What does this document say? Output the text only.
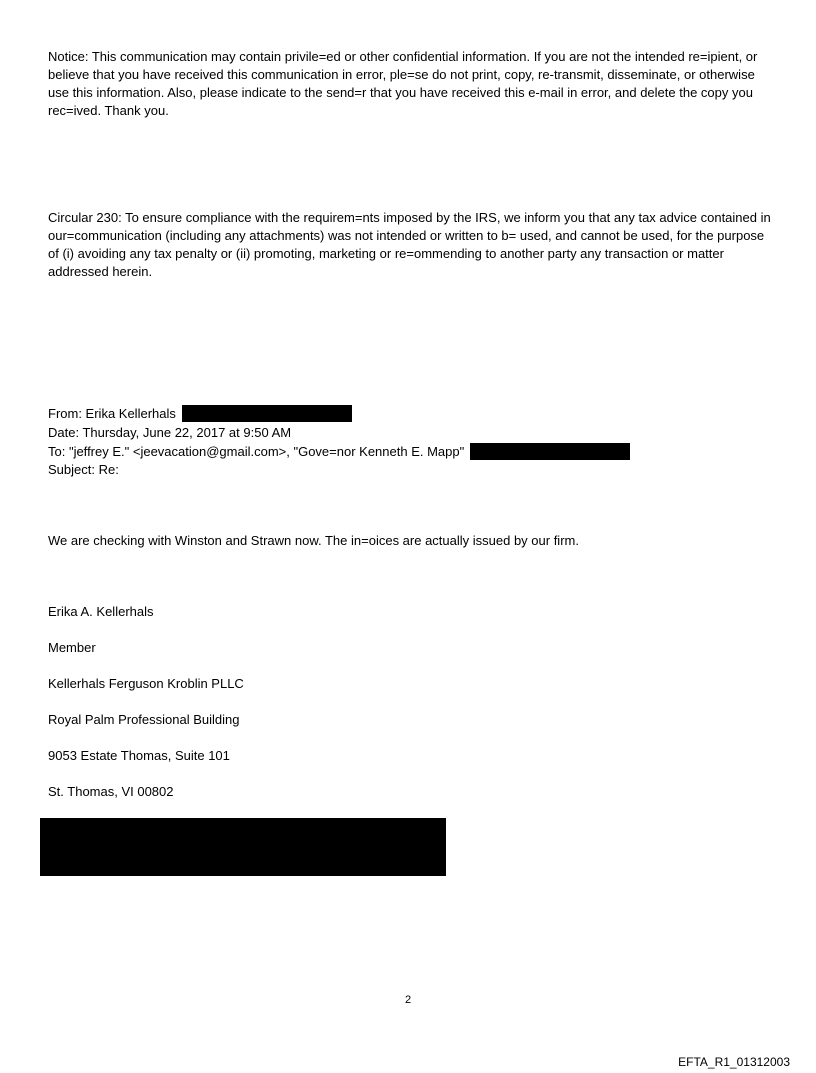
Notice: This communication may contain privile=ed or other confidential information. If you are not the intended re=ipient, or believe that you have received this communication in error, ple=se do not print, copy, re-transmit, disseminate, or otherwise use this information. Also, please indicate to the send=r that you have received this e-mail in error, and delete the copy you rec=ived. Thank you.

Circular 230: To ensure compliance with the requirem=nts imposed by the IRS, we inform you that any tax advice contained in our=communication (including any attachments) was not intended or written to b= used, and cannot be used, for the purpose of (i) avoiding any tax penalty or (ii) promoting, marketing or re=ommending to another party any transaction or matter addressed herein.

From: Erika Kellerhals
Date: Thursday, June 22, 2017 at 9:50 AM
To: "jeffrey E." <jeevacation@gmail.com>, "Gove=nor Kenneth E. Mapp"
Subject: Re:
We are checking with Winston and Strawn now. The in=oices are actually issued by our firm.
Erika A. Kellerhals
Member
Kellerhals Ferguson Kroblin PLLC
Royal Palm Professional Building
9053 Estate Thomas, Suite 101
St. Thomas, VI 00802
2
EFTA_R1_01312003
